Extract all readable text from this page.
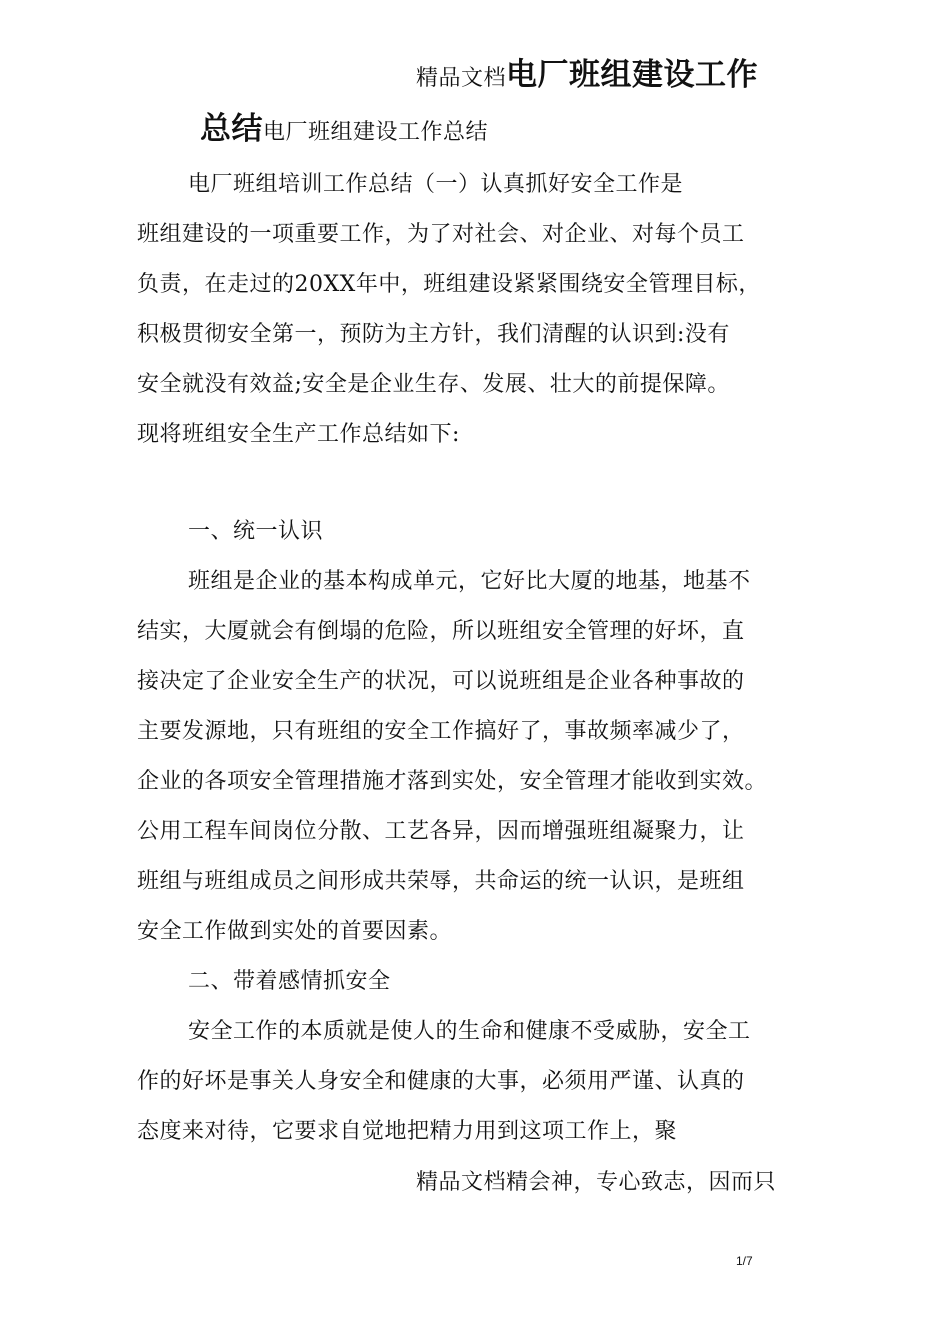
精品文档电厂班组建设工作
总结电厂班组建设工作总结
电厂班组培训工作总结（一）认真抓好安全工作是
班组建设的一项重要工作，为了对社会、对企业、对每个员工
负责，在走过的20XX年中，班组建设紧紧围绕安全管理目标，
积极贯彻安全第一，预防为主方针，我们清醒的认识到:没有
安全就没有效益;安全是企业生存、发展、壮大的前提保障。
现将班组安全生产工作总结如下:
一、统一认识
班组是企业的基本构成单元，它好比大厦的地基，地基不
结实，大厦就会有倒塌的危险，所以班组安全管理的好坏，直
接决定了企业安全生产的状况，可以说班组是企业各种事故的
主要发源地，只有班组的安全工作搞好了，事故频率减少了，
企业的各项安全管理措施才落到实处，安全管理才能收到实效。
公用工程车间岗位分散、工艺各异，因而增强班组凝聚力，让
班组与班组成员之间形成共荣辱，共命运的统一认识，是班组
安全工作做到实处的首要因素。
二、带着感情抓安全
安全工作的本质就是使人的生命和健康不受威胁，安全工
作的好坏是事关人身安全和健康的大事，必须用严谨、认真的
态度来对待，它要求自觉地把精力用到这项工作上，聚
精品文档精会神，专心致志，因而只
1/7
